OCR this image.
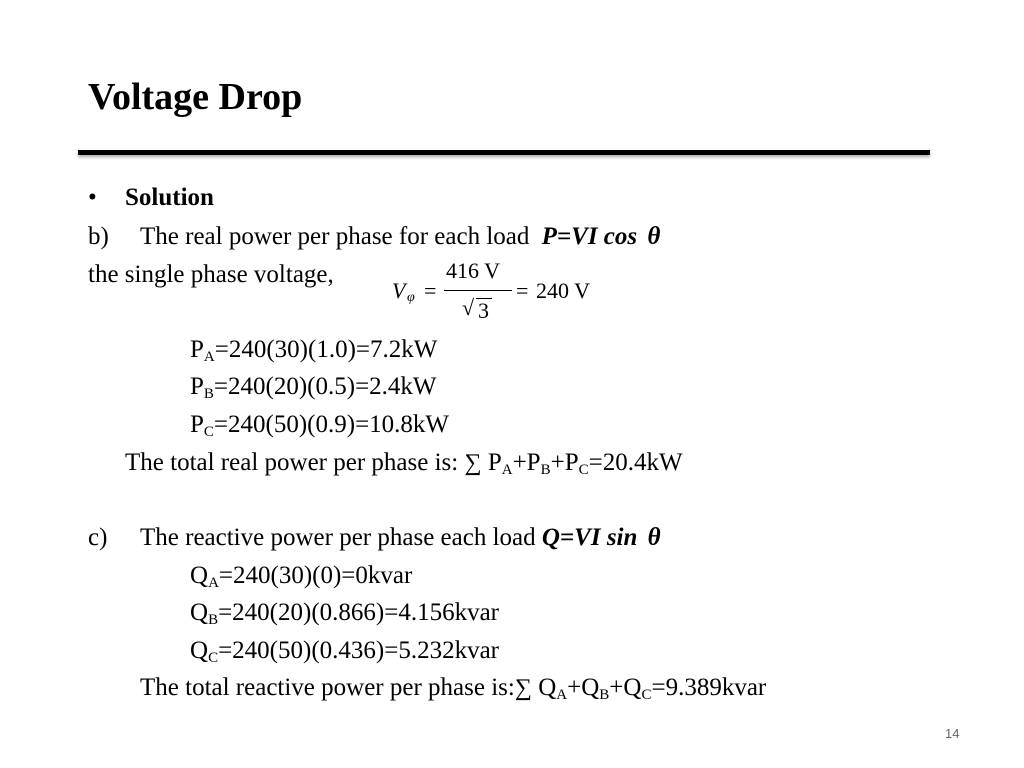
Voltage Drop
• Solution
b) The real power per phase for each load P=VI cos θ
the single phase voltage,
V φ =
416 V
√ 3
= 240 V
$P_A=240(30)(1.0)=7.2kW$
$P_B=240(20)(0.5)=2.4kW$
$P_C=240(50)(0.9)=10.8kW$
The total real power per phase is: ∑ $P_A+P_B+P_C=20.4kW$
c) The reactive power per phase each load Q=VI sin θ
$Q_A=240(30)(0)=0kvar$
$Q_B=240(20)(0.866)=4.156kvar$
$Q_C=240(50)(0.436)=5.232kvar$
The total reactive power per phase is:∑ $Q_A+Q_B+Q_C=9.389kvar$
14
